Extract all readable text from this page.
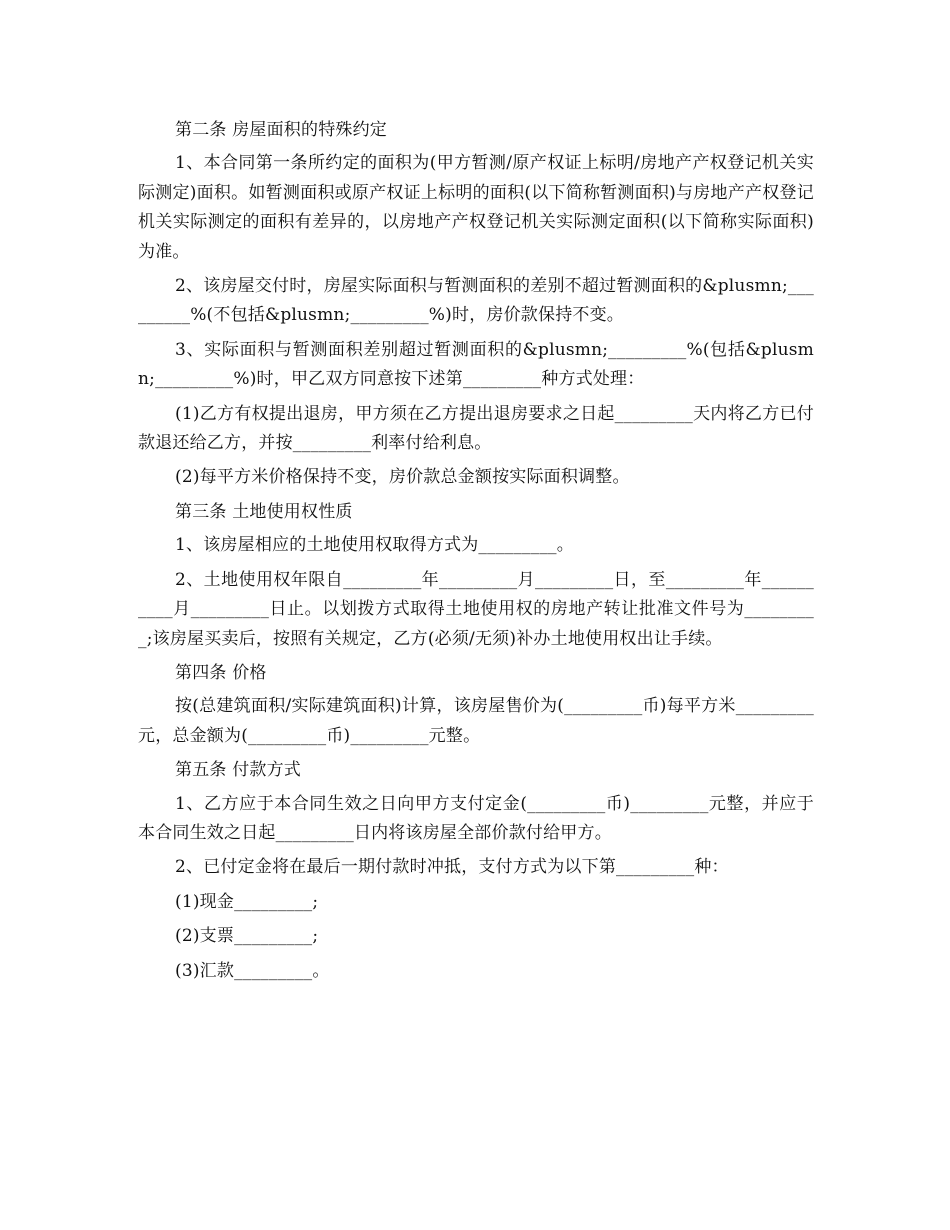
第二条 房屋面积的特殊约定

1、本合同第一条所约定的面积为(甲方暂测/原产权证上标明/房地产产权登记机关实际测定)面积。如暂测面积或原产权证上标明的面积(以下简称暂测面积)与房地产产权登记机关实际测定的面积有差异的，以房地产产权登记机关实际测定面积(以下简称实际面积)为准。

2、该房屋交付时，房屋实际面积与暂测面积的差别不超过暂测面积的&plusmn;_________%(不包括&plusmn;_________%)时，房价款保持不变。

3、实际面积与暂测面积差别超过暂测面积的&plusmn;_________%(包括&plusmn;_________%)时，甲乙双方同意按下述第_________种方式处理：

(1)乙方有权提出退房，甲方须在乙方提出退房要求之日起_________天内将乙方已付款退还给乙方，并按_________利率付给利息。

(2)每平方米价格保持不变，房价款总金额按实际面积调整。

第三条 土地使用权性质

1、该房屋相应的土地使用权取得方式为_________。

2、土地使用权年限自_________年_________月_________日，至_________年__________月_________日止。以划拨方式取得土地使用权的房地产转让批准文件号为_________;该房屋买卖后，按照有关规定，乙方(必须/无须)补办土地使用权出让手续。

第四条 价格

按(总建筑面积/实际建筑面积)计算，该房屋售价为(_________币)每平方米_________元，总金额为(_________币)_________元整。

第五条 付款方式

1、乙方应于本合同生效之日向甲方支付定金(_________币)_________元整，并应于本合同生效之日起_________日内将该房屋全部价款付给甲方。

2、已付定金将在最后一期付款时冲抵，支付方式为以下第_________种：

(1)现金_________;

(2)支票_________;

(3)汇款_________。
